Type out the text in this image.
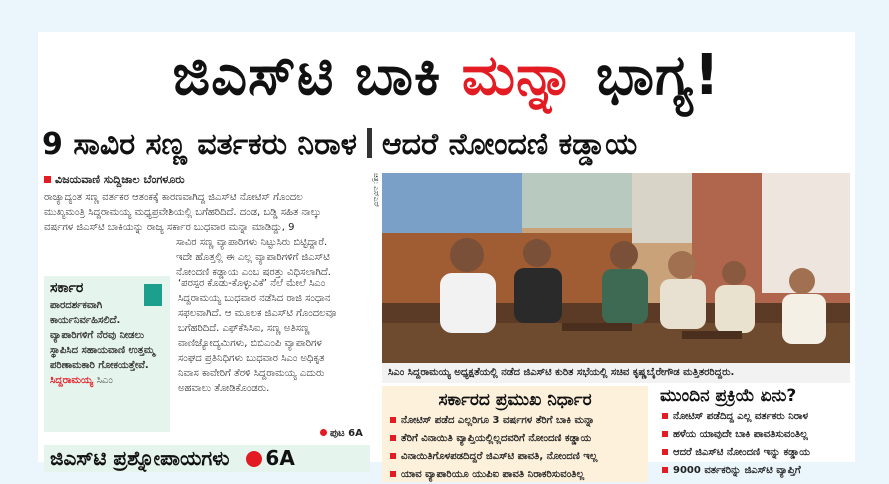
ಜಿಎಸ್‌ಟಿ ಬಾಕಿ ಮನ್ನಾ ಭಾಗ್ಯ!
9 ಸಾವಿರ ಸಣ್ಣ ವರ್ತಕರು ನಿರಾಳ ಆದರೆ ನೋಂದಣಿ ಕಡ್ಡಾಯ
ವಿಜಯವಾಣಿ ಸುದ್ದಿಜಾಲ ಬೆಂಗಳೂರು
ರಾಜ್ಯಾದ್ಯಂತ ಸಣ್ಣ ವರ್ತಕರ ಆತಂಕಕ್ಕೆ ಕಾರಣವಾಗಿದ್ದ ಜಿಎಸ್‌ಟಿ ನೋಟಿಸ್ ಗೊಂದಲ
ಮುಖ್ಯಮಂತ್ರಿ ಸಿದ್ದರಾಮಯ್ಯ ಮಧ್ಯಪ್ರವೇಶಿಯಲ್ಲಿ ಬಗೆಹರಿದಿದೆ. ದಂಡ, ಬಡ್ಡಿ ಸಹಿತ ನಾಲ್ಕು
ವರ್ಷಗಳ ಜಿಎಸ್‌ಟಿ ಬಾಕಿಯನ್ನು ರಾಜ್ಯ ಸರ್ಕಾರ ಬುಧವಾರ ಮನ್ನಾ ಮಾಡಿದ್ದು, 9
ಸಾವಿರ ಸಣ್ಣ ವ್ಯಾಪಾರಿಗಳು ನಿಟ್ಟುಸಿರು ಬಿಟ್ಟಿದ್ದಾರೆ.
ಇದೇ ಹೊತ್ತಲ್ಲಿ ಈ ಎಲ್ಲ ವ್ಯಾಪಾರಿಗಳಿಗೆ ಜಿಎಸ್‌ಟಿ
ನೋಂದಣಿ ಕಡ್ಡಾಯ ಎಂಬ ಷರತ್ತು ವಿಧಿಸಲಾಗಿದೆ.
ಸರ್ಕಾರ
ಪಾರದರ್ಶಕವಾಗಿ ಕಾರ್ಯನಿರ್ವಹಿಸಲಿದೆ. ವ್ಯಾಪಾರಿಗಳಿಗೆ ನೆರವು ನೀಡಲು ಸ್ಥಾಪಿಸಿದ ಸಹಾಯವಾಣಿ ಉತ್ತಮ್ಮ ಪರಿಣಾಮಕಾರಿ ಗೋಕಯತ್ತೇವೆ.
ಸಿದ್ದರಾಮಯ್ಯ ಸಿಎಂ
‘ಪರಸ್ಪರ ಕೊಡು-ಕೊಳ್ಳುವಿಕೆ’ ನೆಲೆ ಮೇಲೆ ಸಿಎಂ
ಸಿದ್ದರಾಮಯ್ಯ ಬುಧವಾರ ನಡೆಸಿದ ರಾಜಿ ಸಂಧಾನ
ಸಫಲವಾಗಿದೆ. ಆ ಮೂಲಕ ಜಿಎಸ್‌ಟಿ ಗೊಂದಲವೂ
ಬಗೆಹರಿದಿದೆ. ಎಫ್‌ಕೆಸಿಸಿಐ, ಸಣ್ಣ ಅತಿಸಣ್ಣ
ವಾಣಿಜ್ಯೋದ್ಯಮಿಗಳು, ಬಿಬಿಎಂಪಿ ವ್ಯಾಪಾರಿಗಳ
ಸಂಘದ ಪ್ರತಿನಿಧಿಗಳು ಬುಧವಾರ ಸಿಎಂ ಅಧಿಕೃತ
ನಿವಾಸ ಕಾವೇರಿಗೆ ತೆರಳಿ ಸಿದ್ದರಾಮಯ್ಯ ಎದುರು
ಅಹವಾಲು ತೋಡಿಕೊಂಡರು.
ಪುಟ 6A
ಜಿಎಸ್‌ಟಿ ಪ್ರಶ್ನೋಪಾಯಗಳು 6A
ಚಿತ್ರ: ಎಸ್‌ಎಸ್‌
ಸಿಎಂ ಸಿದ್ದರಾಮಯ್ಯ ಅಧ್ಯಕ್ಷತೆಯಲ್ಲಿ ನಡೆದ ಜಿಎಸ್‌ಟಿ ಕುರಿತ ಸಭೆಯಲ್ಲಿ ಸಚಿವ ಕೃಷ್ಣಬೈರೇಗೌಡ ಮತ್ತಿತರರಿದ್ದರು.
ಸರ್ಕಾರದ ಪ್ರಮುಖ ನಿರ್ಧಾರ
ನೋಟಿಸ್ ಪಡೆದ ಎಲ್ಲರಿಗೂ 3 ವರ್ಷಗಳ ತೆರಿಗೆ ಬಾಕಿ ಮನ್ನಾ
ತೆರಿಗೆ ವಿನಾಯಿತಿ ವ್ಯಾಪ್ತಿಯಲ್ಲಿಲ್ಲದವರಿಗೆ ನೋಂದಣಿ ಕಡ್ಡಾಯ
ವಿನಾಯಿತಿಗೊಳಪಡದಿದ್ದರೆ ಜಿಎಸ್‌ಟಿ ಪಾವತಿ, ನೋಂದಣಿ ಇಲ್ಲ
ಯಾವ ವ್ಯಾಪಾರಿಯೂ ಯುಪಿಐ ಪಾವತಿ ನಿರಾಕರಿಸುವಂತಿಲ್ಲ
ಮುಂದಿನ ಪ್ರಕ್ರಿಯೆ ಏನು?
ನೋಟಿಸ್ ಪಡೆದಿದ್ದ ಎಲ್ಲ ವರ್ತಕರು ನಿರಾಳ
ಹಳೆಯ ಯಾವುದೇ ಬಾಕಿ ಪಾವತಿಸುವಂತಿಲ್ಲ
ಆದರೆ ಜಿಎಸ್‌ಟಿ ನೋಂದಣಿ ಇನ್ನು ಕಡ್ಡಾಯ
9000 ವರ್ತಕರಿನ್ನು ಜಿಎಸ್‌ಟಿ ವ್ಯಾಪ್ತಿಗೆ
